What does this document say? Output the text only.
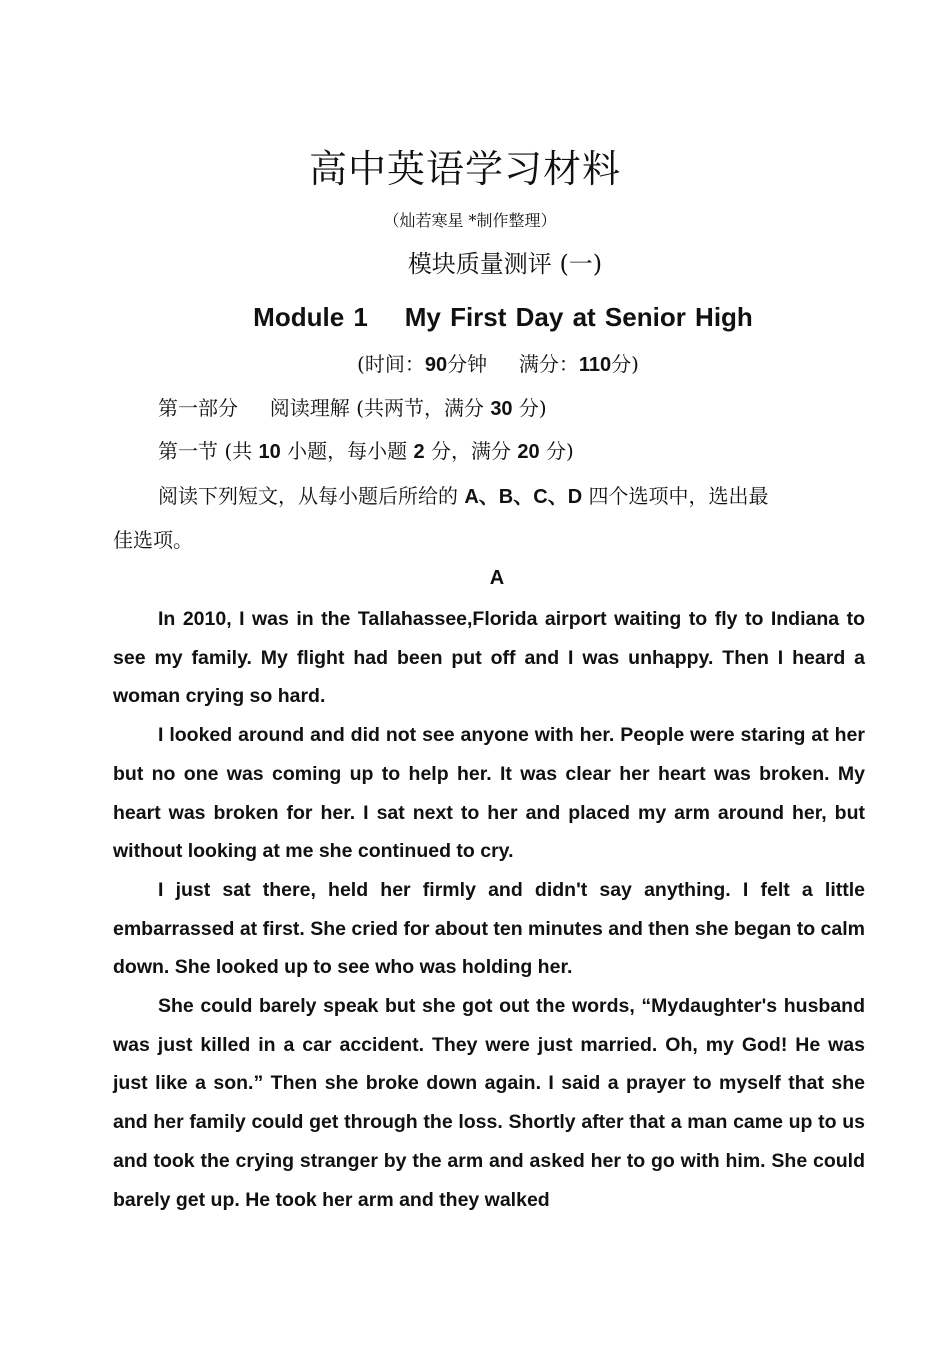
高中英语学习材料
（灿若寒星 *制作整理）
模块质量测评 (一)
Module 1    My First Day at Senior High
(时间：90分钟     满分：110分)
第一部分     阅读理解 (共两节，满分 30 分)
第一节 (共 10 小题，每小题 2 分，满分 20 分)
阅读下列短文，从每小题后所给的 A、B、C、D 四个选项中，选出最
佳选项。
A

In 2010, I was in the Tallahassee,Florida airport waiting to fly to Indiana to see my family. My flight had been put off and I was unhappy. Then I heard a woman crying so hard.

I looked around and did not see anyone with her. People were staring at her but no one was coming up to help her. It was clear her heart was broken. My heart was broken for her. I sat next to her and placed my arm around her, but without looking at me she continued to cry.

I just sat there, held her firmly and didn't say anything. I felt a little embarrassed at first. She cried for about ten minutes and then she began to calm down. She looked up to see who was holding her.

She could barely speak but she got out the words, “Mydaughter's husband was just killed in a car accident. They were just married. Oh, my God! He was just like a son.” Then she broke down again. I said a prayer to myself that she and her family could get through the loss. Shortly after that a man came up to us and took the crying stranger by the arm and asked her to go with him. She could barely get up. He took her arm and they walked
